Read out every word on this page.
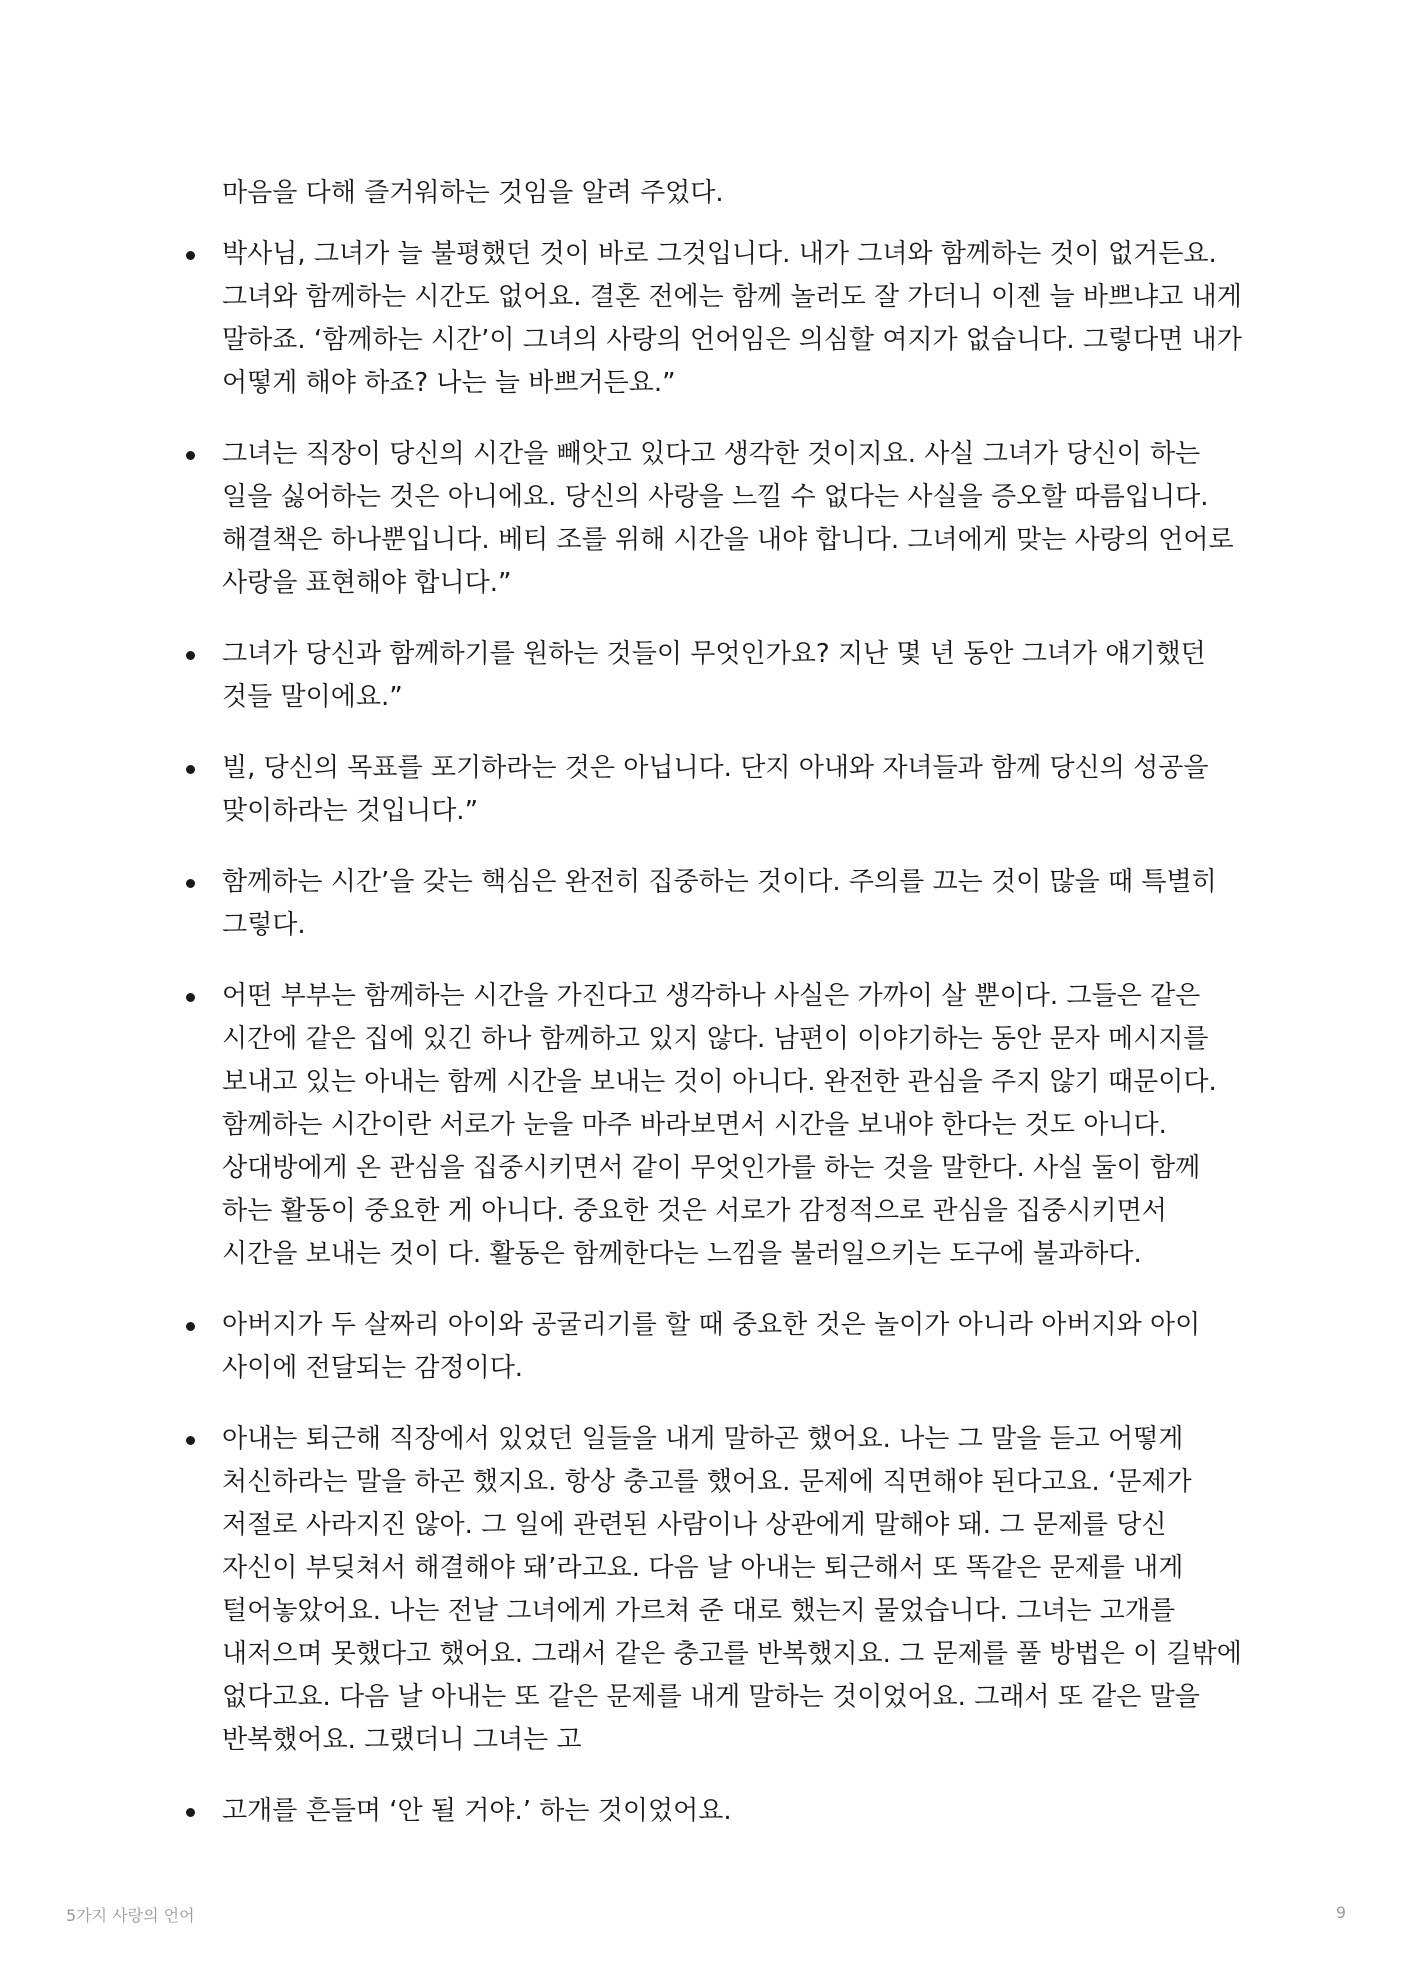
마음을 다해 즐거워하는 것임을 알려 주었다.

박사님, 그녀가 늘 불평했던 것이 바로 그것입니다. 내가 그녀와 함께하는 것이 없거든요. 그녀와 함께하는 시간도 없어요. 결혼 전에는 함께 놀러도 잘 가더니 이젠 늘 바쁘냐고 내게 말하죠. ‘함께하는 시간’이 그녀의 사랑의 언어임은 의심할 여지가 없습니다. 그렇다면 내가 어떻게 해야 하죠? 나는 늘 바쁘거든요.”
그녀는 직장이 당신의 시간을 빼앗고 있다고 생각한 것이지요. 사실 그녀가 당신이 하는 일을 싫어하는 것은 아니에요. 당신의 사랑을 느낄 수 없다는 사실을 증오할 따름입니다. 해결책은 하나뿐입니다. 베티 조를 위해 시간을 내야 합니다. 그녀에게 맞는 사랑의 언어로 사랑을 표현해야 합니다.”
그녀가 당신과 함께하기를 원하는 것들이 무엇인가요? 지난 몇 년 동안 그녀가 얘기했던 것들 말이에요.”
빌, 당신의 목표를 포기하라는 것은 아닙니다. 단지 아내와 자녀들과 함께 당신의 성공을 맞이하라는 것입니다.”
함께하는 시간’을 갖는 핵심은 완전히 집중하는 것이다. 주의를 끄는 것이 많을 때 특별히 그렇다.
어떤 부부는 함께하는 시간을 가진다고 생각하나 사실은 가까이 살 뿐이다. 그들은 같은 시간에 같은 집에 있긴 하나 함께하고 있지 않다. 남편이 이야기하는 동안 문자 메시지를 보내고 있는 아내는 함께 시간을 보내는 것이 아니다. 완전한 관심을 주지 않기 때문이다. 함께하는 시간이란 서로가 눈을 마주 바라보면서 시간을 보내야 한다는 것도 아니다. 상대방에게 온 관심을 집중시키면서 같이 무엇인가를 하는 것을 말한다. 사실 둘이 함께 하는 활동이 중요한 게 아니다. 중요한 것은 서로가 감정적으로 관심을 집중시키면서 시간을 보내는 것이 다. 활동은 함께한다는 느낌을 불러일으키는 도구에 불과하다.
아버지가 두 살짜리 아이와 공굴리기를 할 때 중요한 것은 놀이가 아니라 아버지와 아이 사이에 전달되는 감정이다.
아내는 퇴근해 직장에서 있었던 일들을 내게 말하곤 했어요. 나는 그 말을 듣고 어떻게 처신하라는 말을 하곤 했지요. 항상 충고를 했어요. 문제에 직면해야 된다고요. ‘문제가 저절로 사라지진 않아. 그 일에 관련된 사람이나 상관에게 말해야 돼. 그 문제를 당신 자신이 부딪쳐서 해결해야 돼’라고요. 다음 날 아내는 퇴근해서 또 똑같은 문제를 내게 털어놓았어요. 나는 전날 그녀에게 가르쳐 준 대로 했는지 물었습니다. 그녀는 고개를 내저으며 못했다고 했어요. 그래서 같은 충고를 반복했지요. 그 문제를 풀 방법은 이 길밖에 없다고요. 다음 날 아내는 또 같은 문제를 내게 말하는 것이었어요. 그래서 또 같은 말을 반복했어요. 그랬더니 그녀는 고
고개를 흔들며 ‘안 될 거야.’ 하는 것이었어요.
5가지 사랑의 언어	9
